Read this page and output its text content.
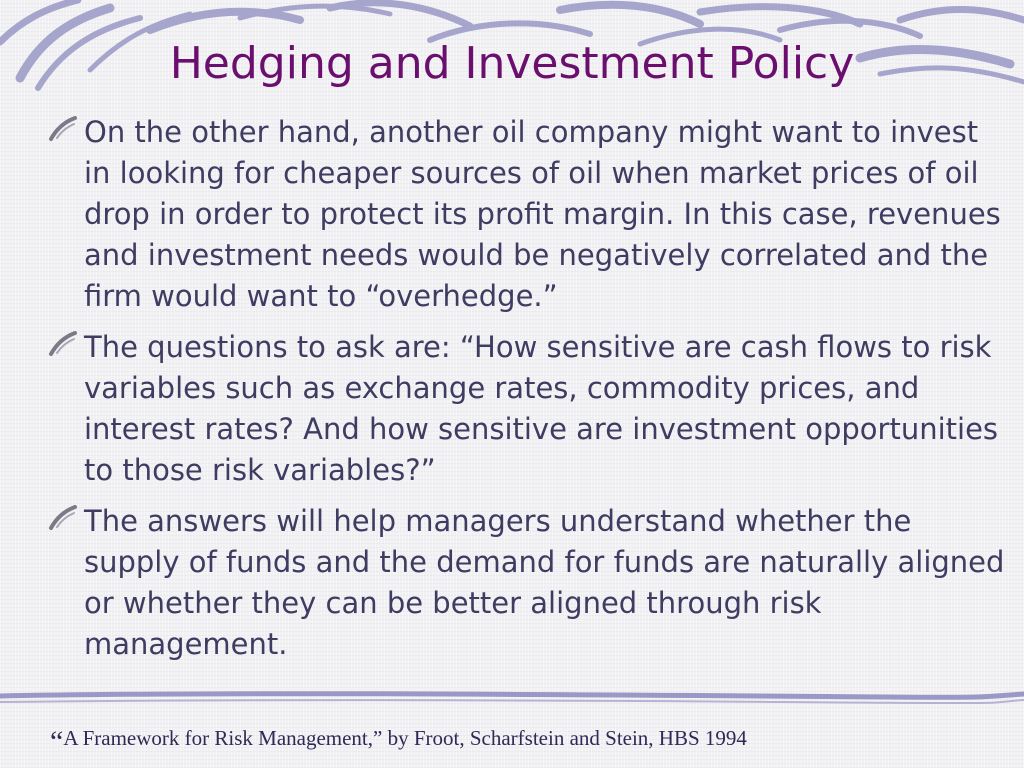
Hedging and Investment Policy
On the other hand, another oil company might want to invest in looking for cheaper sources of oil when market prices of oil drop in order to protect its profit margin. In this case, revenues and investment needs would be negatively correlated and the firm would want to “overhedge.”
The questions to ask are: “How sensitive are cash flows to risk variables such as exchange rates, commodity prices, and interest rates? And how sensitive are investment opportunities to those risk variables?”
The answers will help managers understand whether the supply of funds and the demand for funds are naturally aligned or whether they can be better aligned through risk management.
“A Framework for Risk Management,” by Froot, Scharfstein and Stein, HBS 1994
